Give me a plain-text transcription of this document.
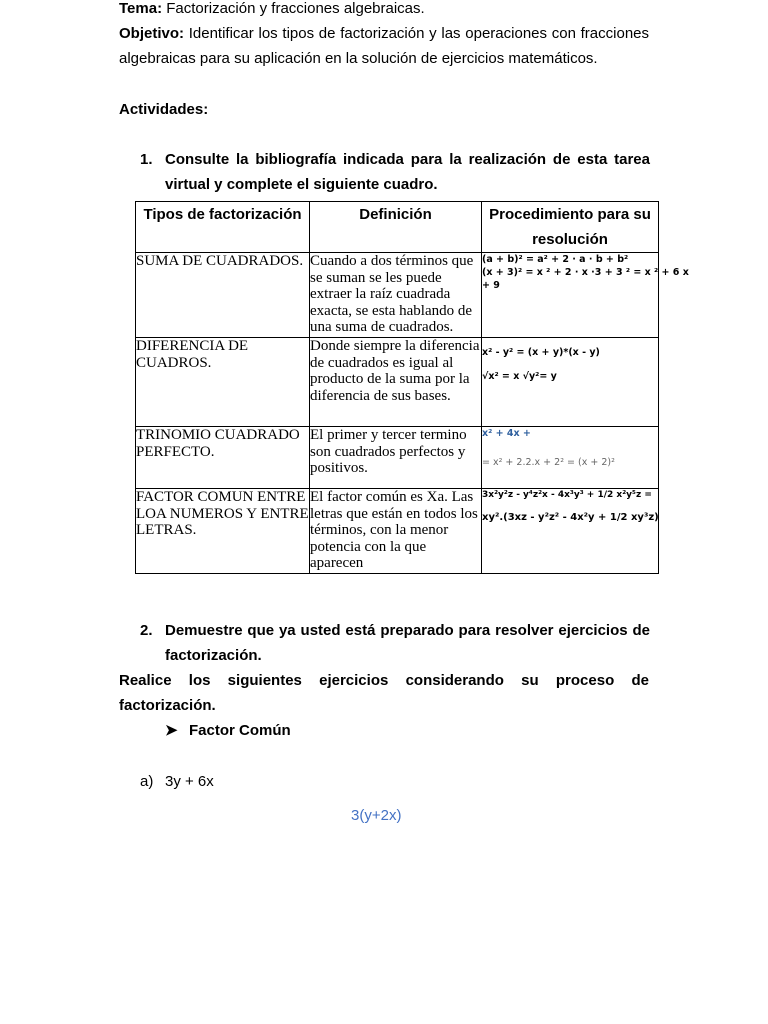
Tema: Factorización y fracciones algebraicas.
Objetivo: Identificar los tipos de factorización y las operaciones con fracciones algebraicas para su aplicación en la solución de ejercicios matemáticos.
Actividades:
1. Consulte la bibliografía indicada para la realización de esta tarea virtual y complete el siguiente cuadro.
Tipos de factorización	Definición	Procedimiento para su resolución
SUMA DE CUADRADOS.	Cuando a dos términos que se suman se les puede extraer la raíz cuadrada exacta, se esta hablando de una suma de cuadrados.	(a + b)² = a² + 2 · a · b + b²
(x + 3)² = x ² + 2 · x ·3 + 3 ² = x ² + 6 x
+ 9

DIFERENCIA DE CUADROS.	Donde siempre la diferencia de cuadrados es igual al producto de la suma por la diferencia de sus bases.	x² - y² = (x + y)*(x - y)
√x² = x √y²= y

TRINOMIO CUADRADO PERFECTO.	El primer y tercer termino son cuadrados perfectos y positivos.	x² + 4x +
= x² + 2.2.x + 2² = (x + 2)²

FACTOR COMUN ENTRE LOA NUMEROS Y ENTRE LETRAS.	El factor común es Xa. Las letras que están en todos los términos, con la menor potencia con la que aparecen	3x²y²z - y⁴z²x - 4x³y³ + 1/2 x²y⁵z =
xy².(3xz - y²z² - 4x²y + 1/2 xy³z)
2. Demuestre que ya usted está preparado para resolver ejercicios de factorización.
Realice los siguientes ejercicios considerando su proceso de factorización.
➤ Factor Común
a) 3y + 6x
3(y+2x)
